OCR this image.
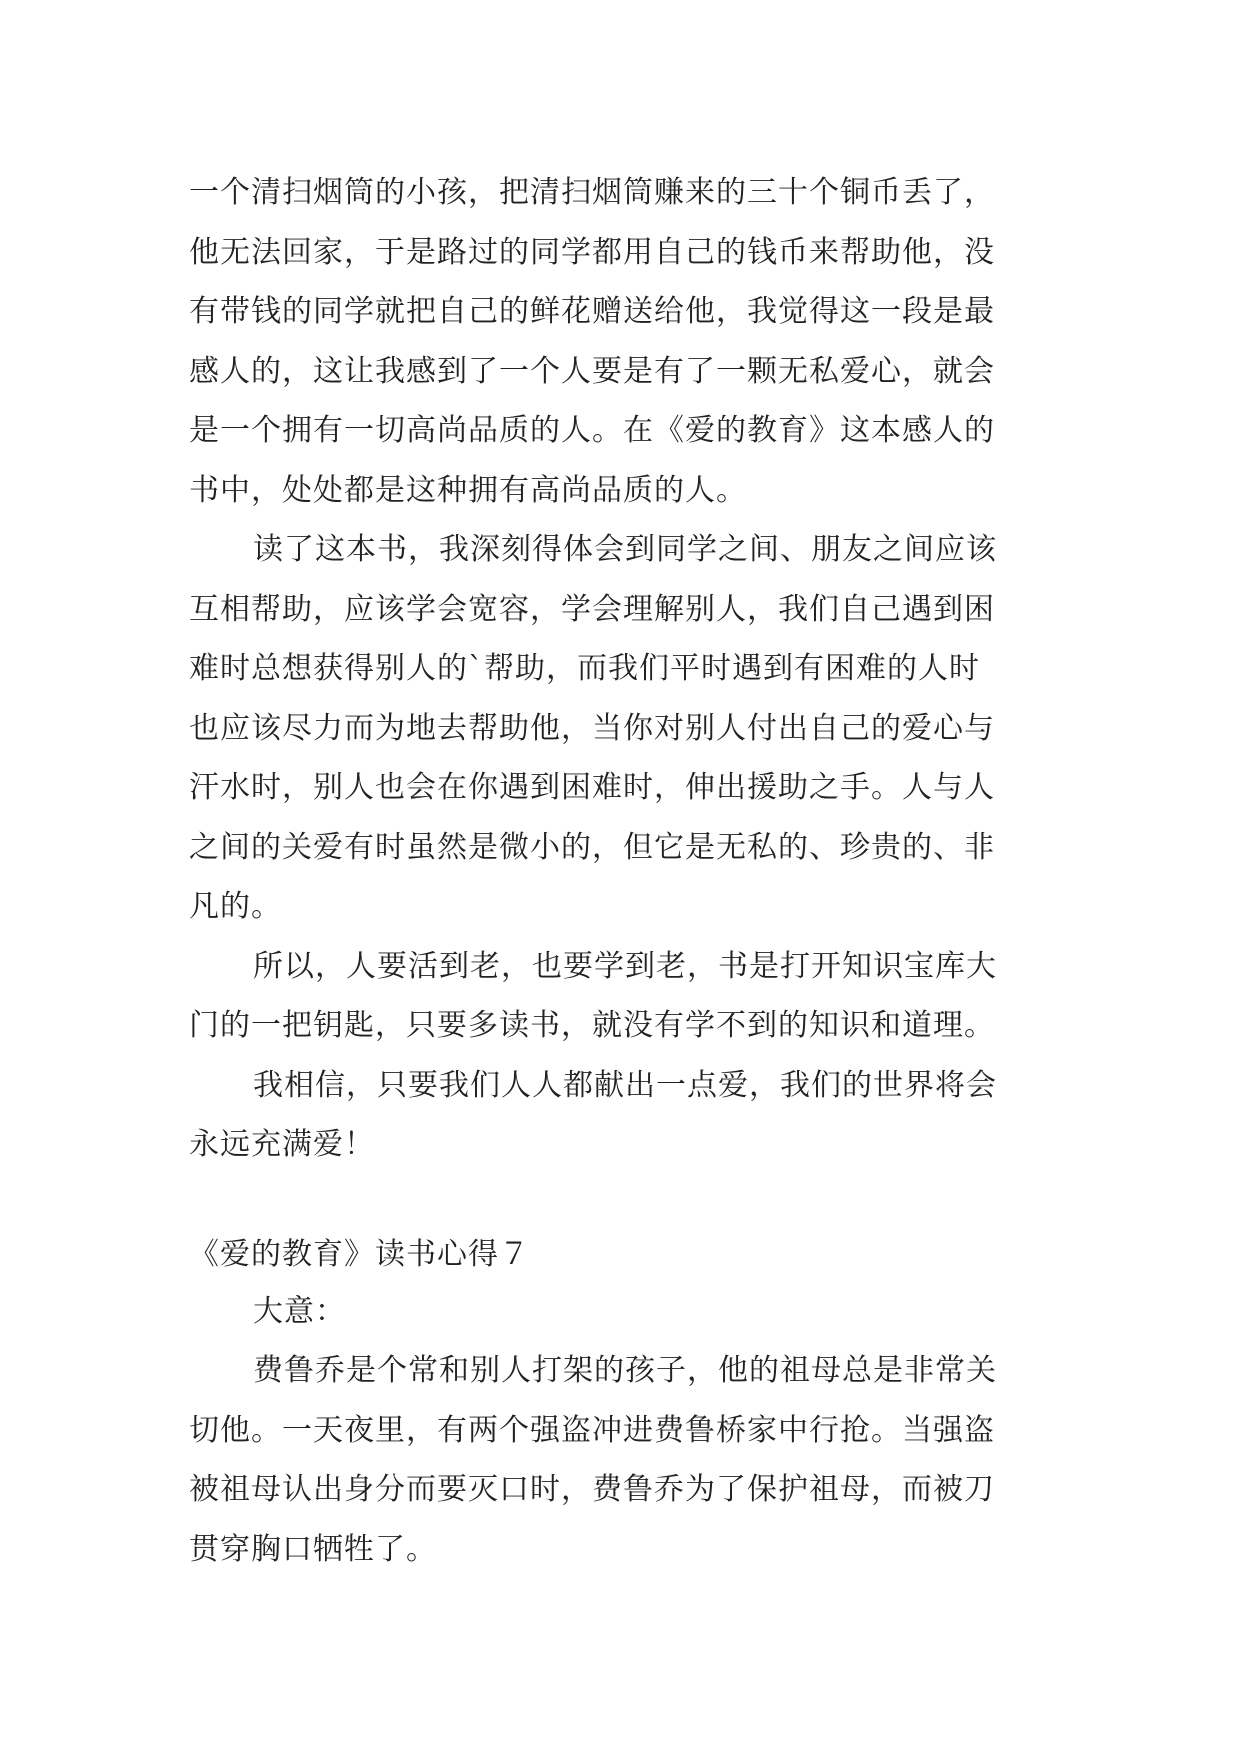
一个清扫烟筒的小孩，把清扫烟筒赚来的三十个铜币丢了，

他无法回家，于是路过的同学都用自己的钱币来帮助他，没

有带钱的同学就把自己的鲜花赠送给他，我觉得这一段是最

感人的，这让我感到了一个人要是有了一颗无私爱心，就会

是一个拥有一切高尚品质的人。在《爱的教育》这本感人的

书中，处处都是这种拥有高尚品质的人。

读了这本书，我深刻得体会到同学之间、朋友之间应该

互相帮助，应该学会宽容，学会理解别人，我们自己遇到困

难时总想获得别人的`帮助，而我们平时遇到有困难的人时

也应该尽力而为地去帮助他，当你对别人付出自己的爱心与

汗水时，别人也会在你遇到困难时，伸出援助之手。人与人

之间的关爱有时虽然是微小的，但它是无私的、珍贵的、非

凡的。

所以，人要活到老，也要学到老，书是打开知识宝库大

门的一把钥匙，只要多读书，就没有学不到的知识和道理。

我相信，只要我们人人都献出一点爱，我们的世界将会

永远充满爱！

《爱的教育》读书心得７

大意：

费鲁乔是个常和别人打架的孩子，他的祖母总是非常关

切他。一天夜里，有两个强盗冲进费鲁桥家中行抢。当强盗

被祖母认出身分而要灭口时，费鲁乔为了保护祖母，而被刀

贯穿胸口牺牲了。
